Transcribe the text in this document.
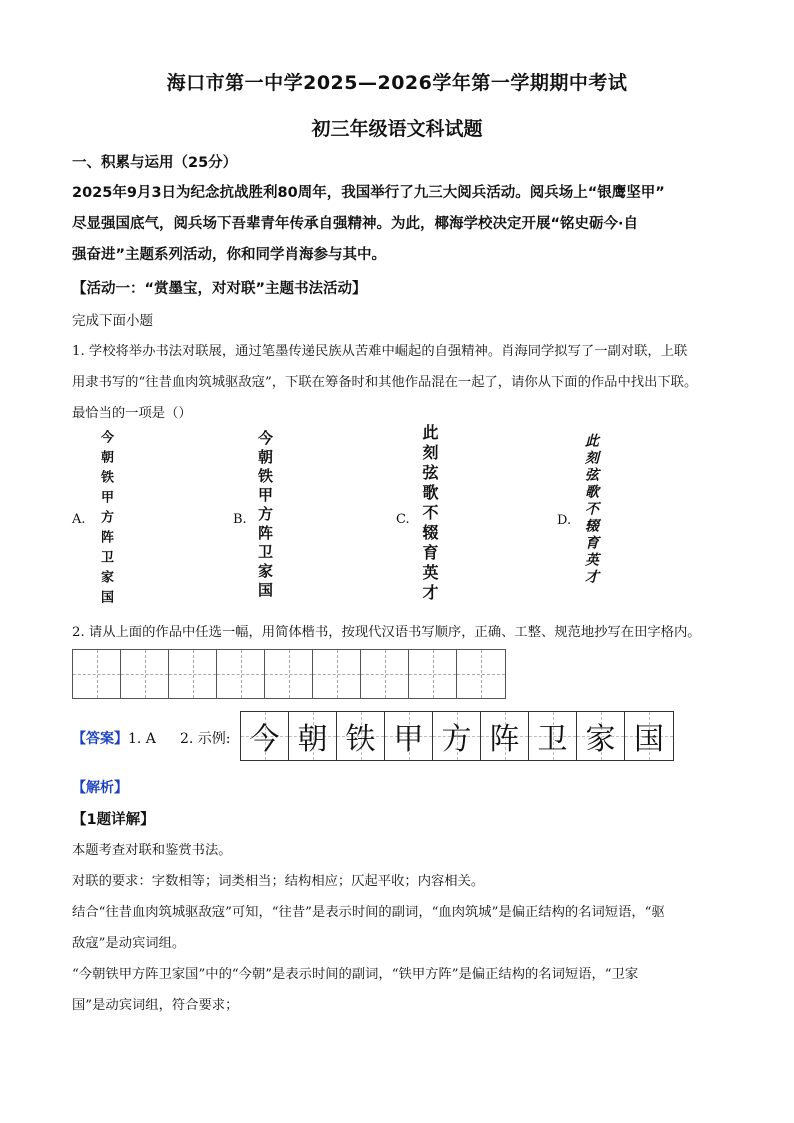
海口市第一中学2025—2026学年第一学期期中考试
初三年级语文科试题
一、积累与运用（25分）
2025年9月3日为纪念抗战胜利80周年，我国举行了九三大阅兵活动。阅兵场上“银鹰坚甲”
尽显强国底气，阅兵场下吾辈青年传承自强精神。为此，椰海学校决定开展“铭史砺今·自
强奋进”主题系列活动，你和同学肖海参与其中。
【活动一：“赏墨宝，对对联”主题书法活动】
完成下面小题
1. 学校将举办书法对联展，通过笔墨传递民族从苦难中崛起的自强精神。肖海同学拟写了一副对联，上联
用隶书写的“往昔血肉筑城驱敌寇”，下联在筹备时和其他作品混在一起了，请你从下面的作品中找出下联。
最恰当的一项是（）
A. 今朝铁甲方阵卫家国	B. 今朝铁甲方阵卫家国	C. 此刻弦歌不辍育英才	D. 此刻弦歌不辍育英才
2. 请从上面的作品中任选一幅，用简体楷书，按现代汉语书写顺序，正确、工整、规范地抄写在田字格内。
【答案】1. A 2. 示例: 今 朝 铁 甲 方 阵 卫 家 国
【解析】
【1题详解】
本题考查对联和鉴赏书法。
对联的要求：字数相等；词类相当；结构相应；仄起平收；内容相关。
结合“往昔血肉筑城驱敌寇”可知，“往昔”是表示时间的副词，“血肉筑城”是偏正结构的名词短语，“驱
敌寇”是动宾词组。
“今朝铁甲方阵卫家国”中的“今朝”是表示时间的副词，“铁甲方阵”是偏正结构的名词短语，“卫家
国”是动宾词组，符合要求；
